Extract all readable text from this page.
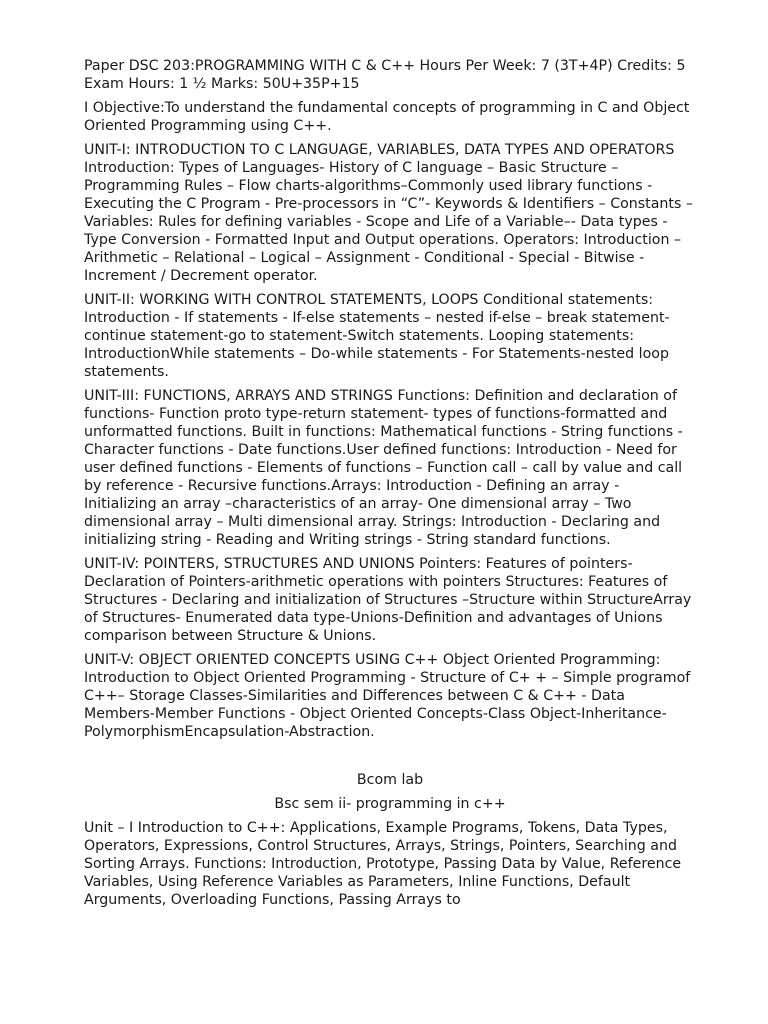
Paper DSC 203:PROGRAMMING WITH C & C++ Hours Per Week: 7 (3T+4P) Credits: 5 Exam Hours: 1 ½ Marks: 50U+35P+15

I Objective:To understand the fundamental concepts of programming in C and Object Oriented Programming using C++.

UNIT-I: INTRODUCTION TO C LANGUAGE, VARIABLES, DATA TYPES AND OPERATORS Introduction: Types of Languages- History of C language – Basic Structure –Programming Rules – Flow charts-algorithms–Commonly used library functions - Executing the C Program - Pre-processors in “C”- Keywords & Identifiers – Constants – Variables: Rules for defining variables - Scope and Life of a Variable–- Data types - Type Conversion - Formatted Input and Output operations. Operators: Introduction – Arithmetic – Relational – Logical – Assignment - Conditional - Special - Bitwise - Increment / Decrement operator.

UNIT-II: WORKING WITH CONTROL STATEMENTS, LOOPS Conditional statements: Introduction - If statements - If-else statements – nested if-else – break statement-continue statement-go to statement-Switch statements. Looping statements: IntroductionWhile statements – Do-while statements - For Statements-nested loop statements.

UNIT-III: FUNCTIONS, ARRAYS AND STRINGS Functions: Definition and declaration of functions- Function proto type-return statement- types of functions-formatted and unformatted functions. Built in functions: Mathematical functions - String functions - Character functions - Date functions.User defined functions: Introduction - Need for user defined functions - Elements of functions – Function call – call by value and call by reference - Recursive functions.Arrays: Introduction - Defining an array - Initializing an array –characteristics of an array- One dimensional array – Two dimensional array – Multi dimensional array. Strings: Introduction - Declaring and initializing string - Reading and Writing strings - String standard functions.

UNIT-IV: POINTERS, STRUCTURES AND UNIONS Pointers: Features of pointers- Declaration of Pointers-arithmetic operations with pointers Structures: Features of Structures - Declaring and initialization of Structures –Structure within StructureArray of Structures- Enumerated data type-Unions-Definition and advantages of Unions comparison between Structure & Unions.

UNIT-V: OBJECT ORIENTED CONCEPTS USING C++ Object Oriented Programming: Introduction to Object Oriented Programming - Structure of C+ + – Simple programof C++– Storage Classes-Similarities and Differences between C & C++ - Data Members-Member Functions - Object Oriented Concepts-Class Object-Inheritance-PolymorphismEncapsulation-Abstraction.

Bcom lab

Bsc sem ii- programming in c++

Unit – I Introduction to C++: Applications, Example Programs, Tokens, Data Types, Operators, Expressions, Control Structures, Arrays, Strings, Pointers, Searching and Sorting Arrays. Functions: Introduction, Prototype, Passing Data by Value, Reference Variables, Using Reference Variables as Parameters, Inline Functions, Default Arguments, Overloading Functions, Passing Arrays to
